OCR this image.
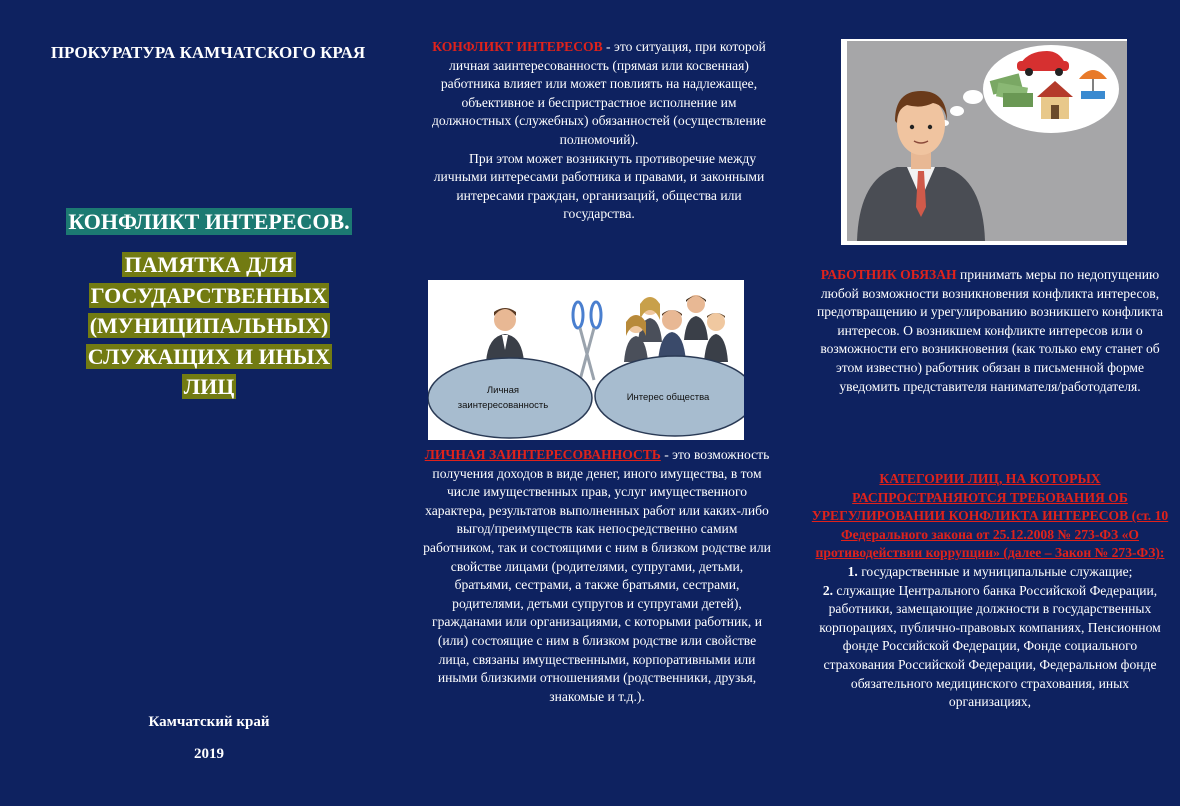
ПРОКУРАТУРА КАМЧАТСКОГО КРАЯ
КОНФЛИКТ ИНТЕРЕСОВ.
ПАМЯТКА ДЛЯ ГОСУДАРСТВЕННЫХ (МУНИЦИПАЛЬНЫХ) СЛУЖАЩИХ И ИНЫХ ЛИЦ
Камчатский край
2019
КОНФЛИКТ ИНТЕРЕСОВ - это ситуация, при которой личная заинтересованность (прямая или косвенная) работника влияет или может повлиять на надлежащее, объективное и беспристрастное исполнение им должностных (служебных) обязанностей (осуществление полномочий).
При этом может возникнуть противоречие между личными интересами работника и правами, и законными интересами граждан, организаций, общества или государства.
Личная
заинтересованность
Интерес общества
ЛИЧНАЯ ЗАИНТЕРЕСОВАННОСТЬ - это возможность получения доходов в виде денег, иного имущества, в том числе имущественных прав, услуг имущественного характера, результатов выполненных работ или каких-либо выгод/преимуществ как непосредственно самим работником, так и состоящими с ним в близком родстве или свойстве лицами (родителями, супругами, детьми, братьями, сестрами, а также братьями, сестрами, родителями, детьми супругов и супругами детей), гражданами или организациями, с которыми работник, и (или) состоящие с ним в близком родстве или свойстве лица, связаны имущественными, корпоративными или иными близкими отношениями (родственники, друзья, знакомые и т.д.).
РАБОТНИК ОБЯЗАН принимать меры по недопущению любой возможности возникновения конфликта интересов, предотвращению и урегулированию возникшего конфликта интересов. О возникшем конфликте интересов или о возможности его возникновения (как только ему станет об этом известно) работник обязан в письменной форме уведомить представителя нанимателя/работодателя.
КАТЕГОРИИ ЛИЦ, НА КОТОРЫХ РАСПРОСТРАНЯЮТСЯ ТРЕБОВАНИЯ ОБ УРЕГУЛИРОВАНИИ КОНФЛИКТА ИНТЕРЕСОВ (ст. 10 Федерального закона от 25.12.2008 № 273-ФЗ «О противодействии коррупции» (далее – Закон № 273-ФЗ):
1. государственные и муниципальные служащие;
2. служащие Центрального банка Российской Федерации, работники, замещающие должности в государственных корпорациях, публично-правовых компаниях, Пенсионном фонде Российской Федерации, Фонде социального страхования Российской Федерации, Федеральном фонде обязательного медицинского страхования, иных организациях,
